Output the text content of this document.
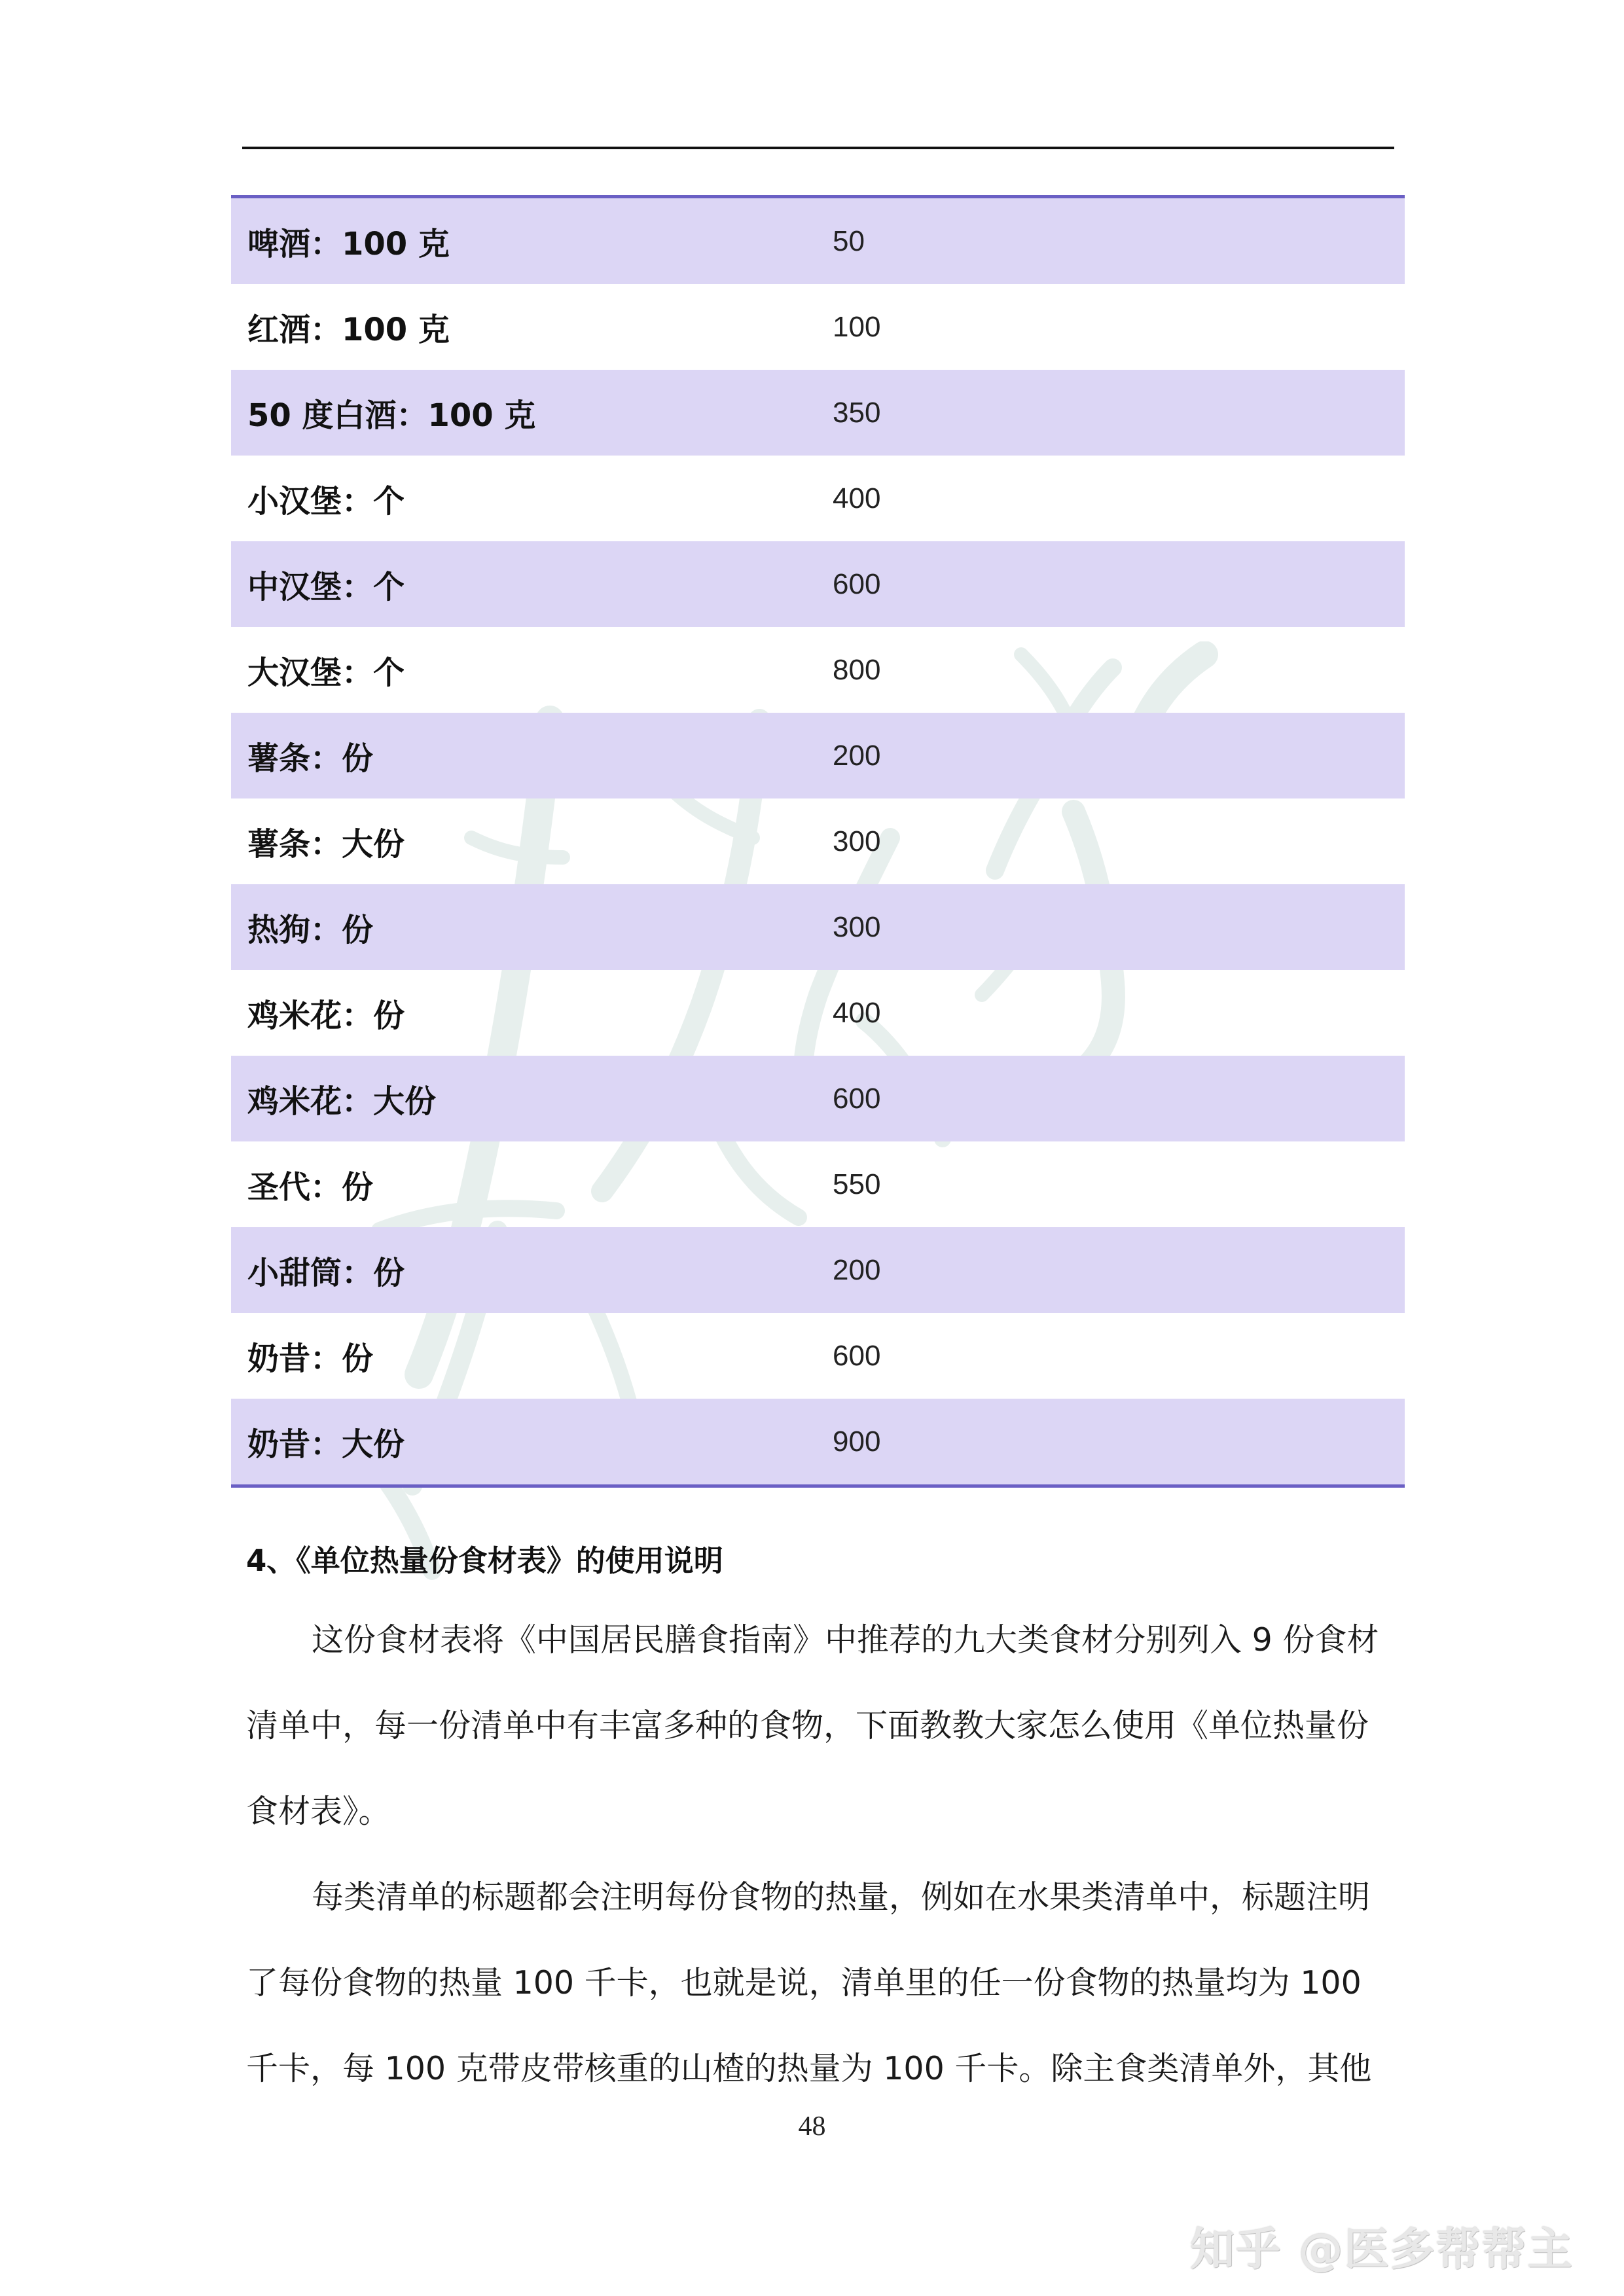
啤酒：100 克	50
红酒：100 克	100
50 度白酒：100 克	350
小汉堡：个	400
中汉堡：个	600
大汉堡：个	800
薯条：份	200
薯条：大份	300
热狗：份	300
鸡米花：份	400
鸡米花：大份	600
圣代：份	550
小甜筒：份	200
奶昔：份	600
奶昔：大份	900
4、《单位热量份食材表》的使用说明
这份食材表将《中国居民膳食指南》中推荐的九大类食材分别列入 9 份食材
清单中，每一份清单中有丰富多种的食物，下面教教大家怎么使用《单位热量份
食材表》。
每类清单的标题都会注明每份食物的热量，例如在水果类清单中，标题注明
了每份食物的热量 100 千卡，也就是说，清单里的任一份食物的热量均为 100
千卡，每 100 克带皮带核重的山楂的热量为 100 千卡。除主食类清单外，其他
48
知乎 @医多帮帮主
